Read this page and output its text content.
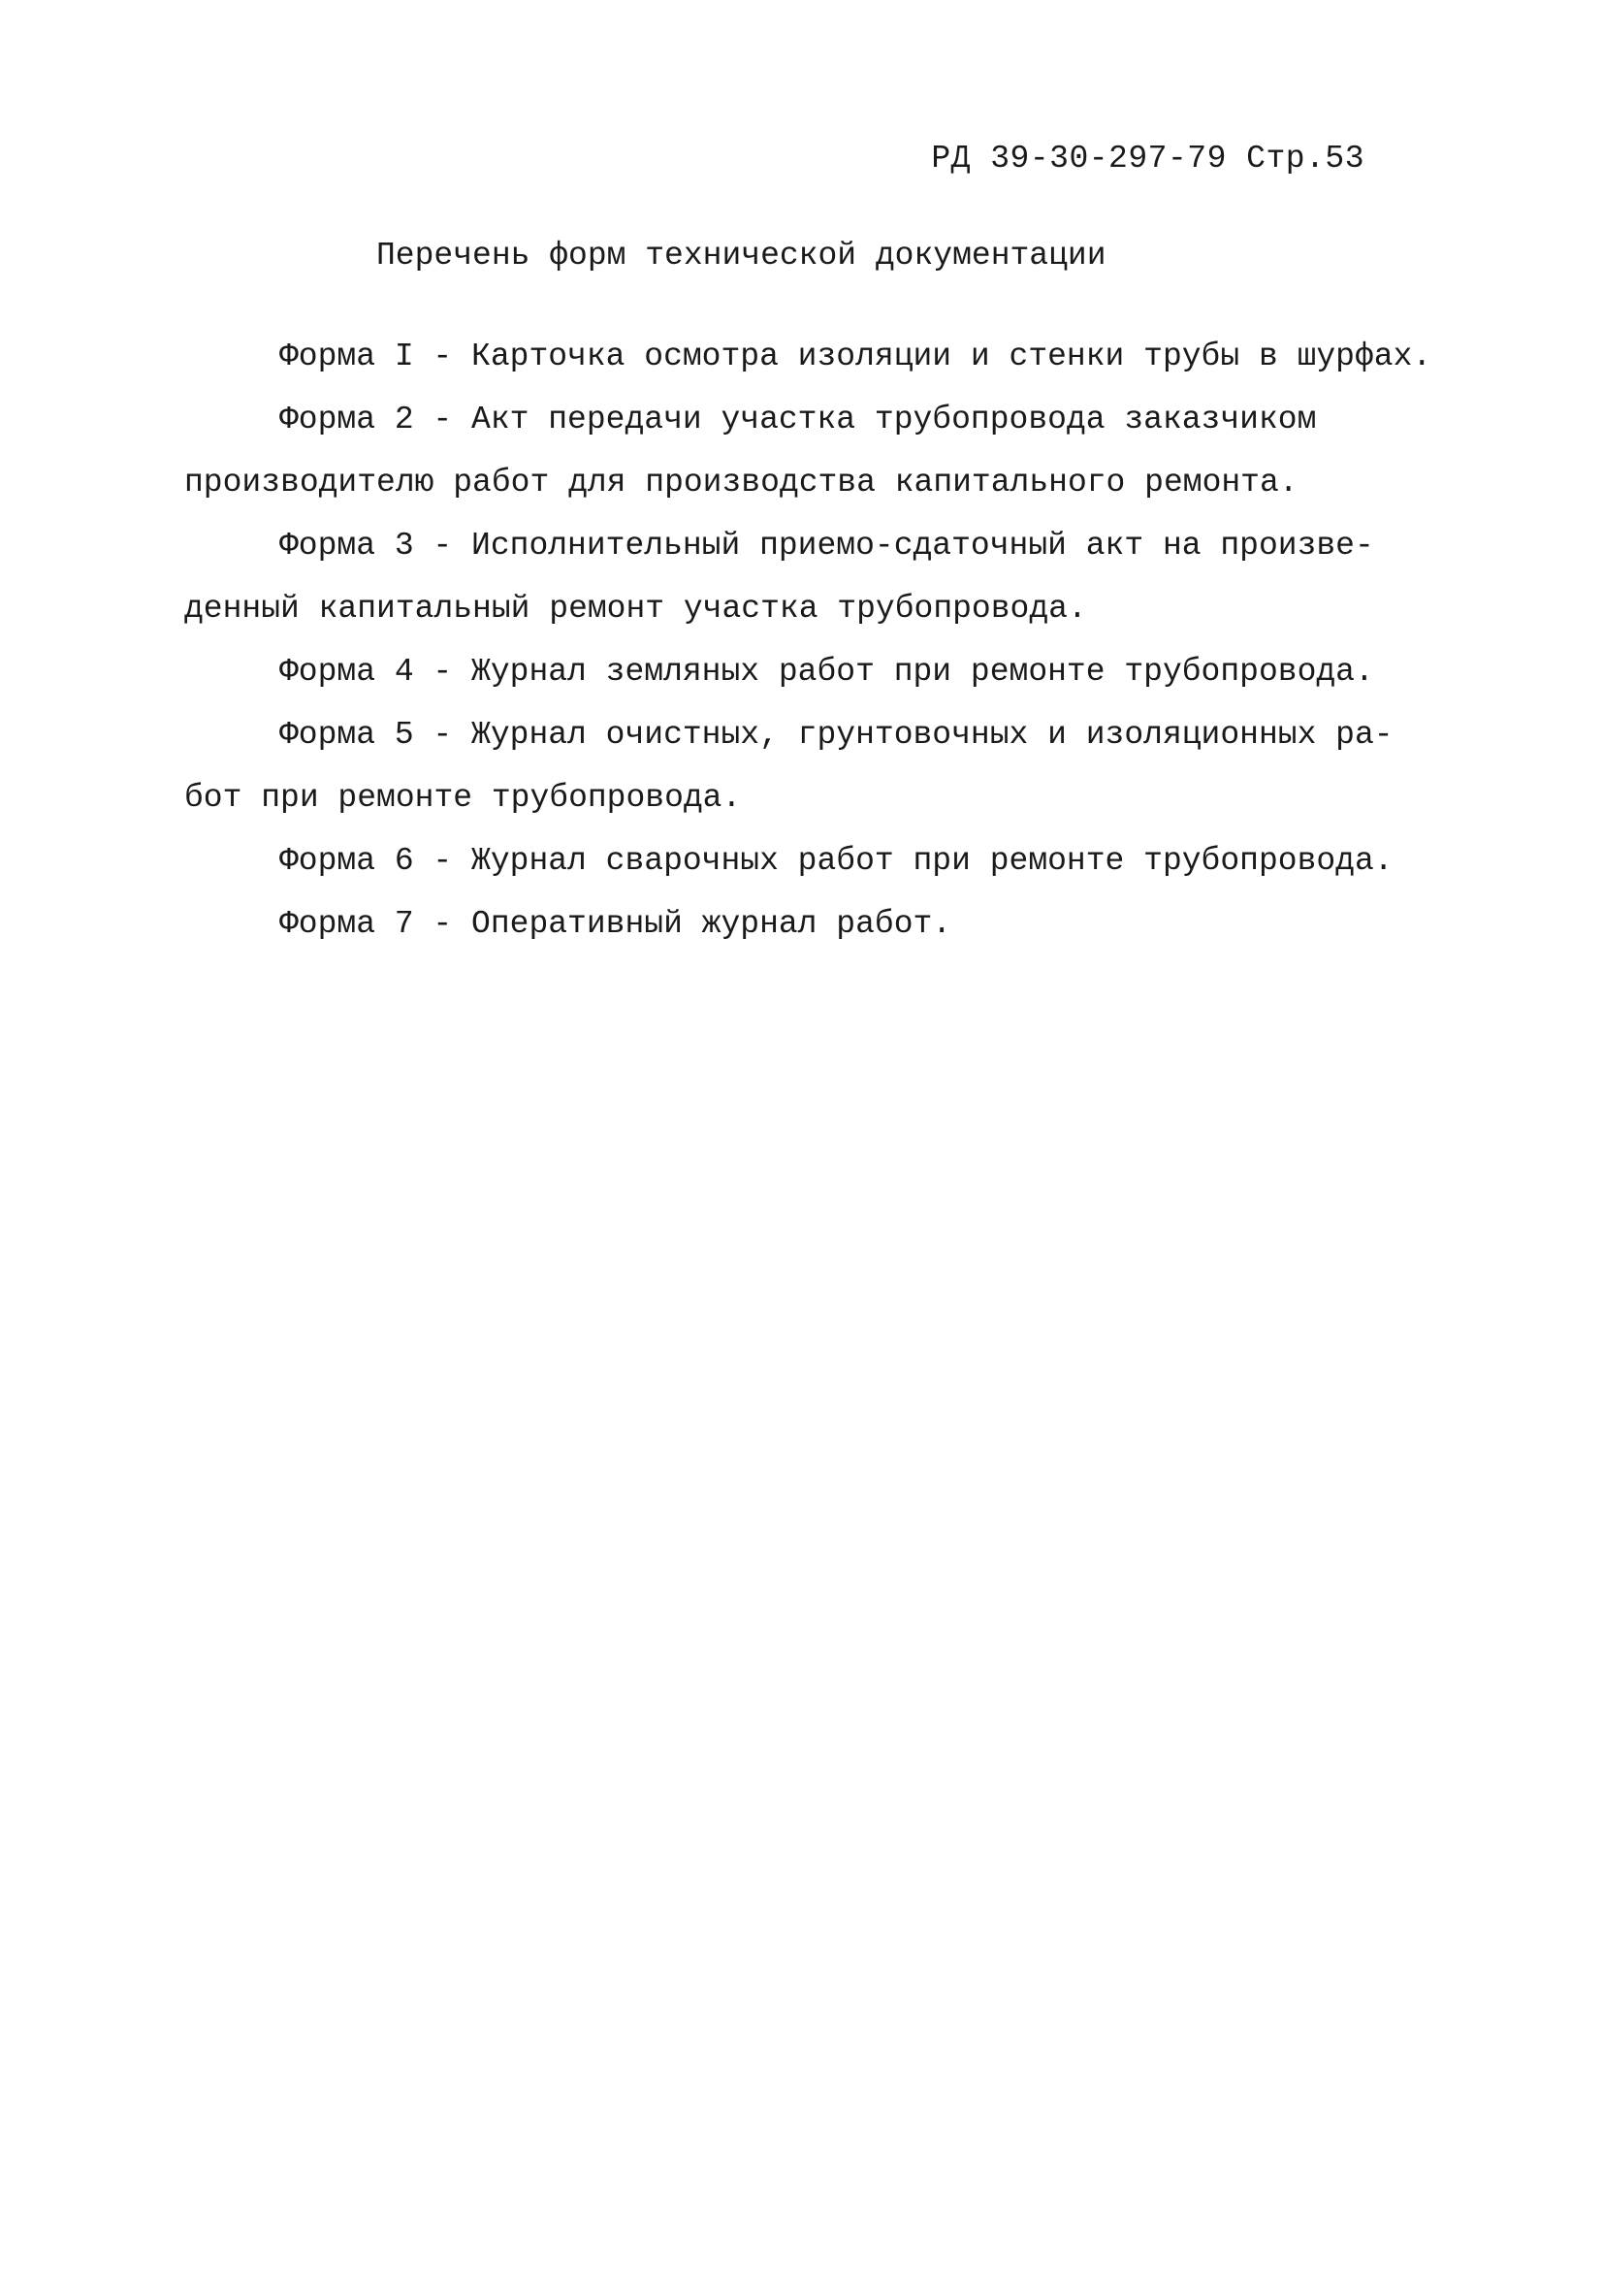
РД 39-30-297-79 Стр.53
Перечень форм технической документации
Форма I - Карточка осмотра изоляции и стенки трубы в шурфах.
Форма 2 - Акт передачи участка трубопровода заказчиком
производителю работ для производства капитального ремонта.
Форма 3 - Исполнительный приемо-сдаточный акт на произве-
денный капитальный ремонт участка трубопровода.
Форма 4 - Журнал земляных работ при ремонте трубопровода.
Форма 5 - Журнал очистных, грунтовочных и изоляционных ра-
бот при ремонте трубопровода.
Форма 6 - Журнал сварочных работ при ремонте трубопровода.
Форма 7 - Оперативный журнал работ.
